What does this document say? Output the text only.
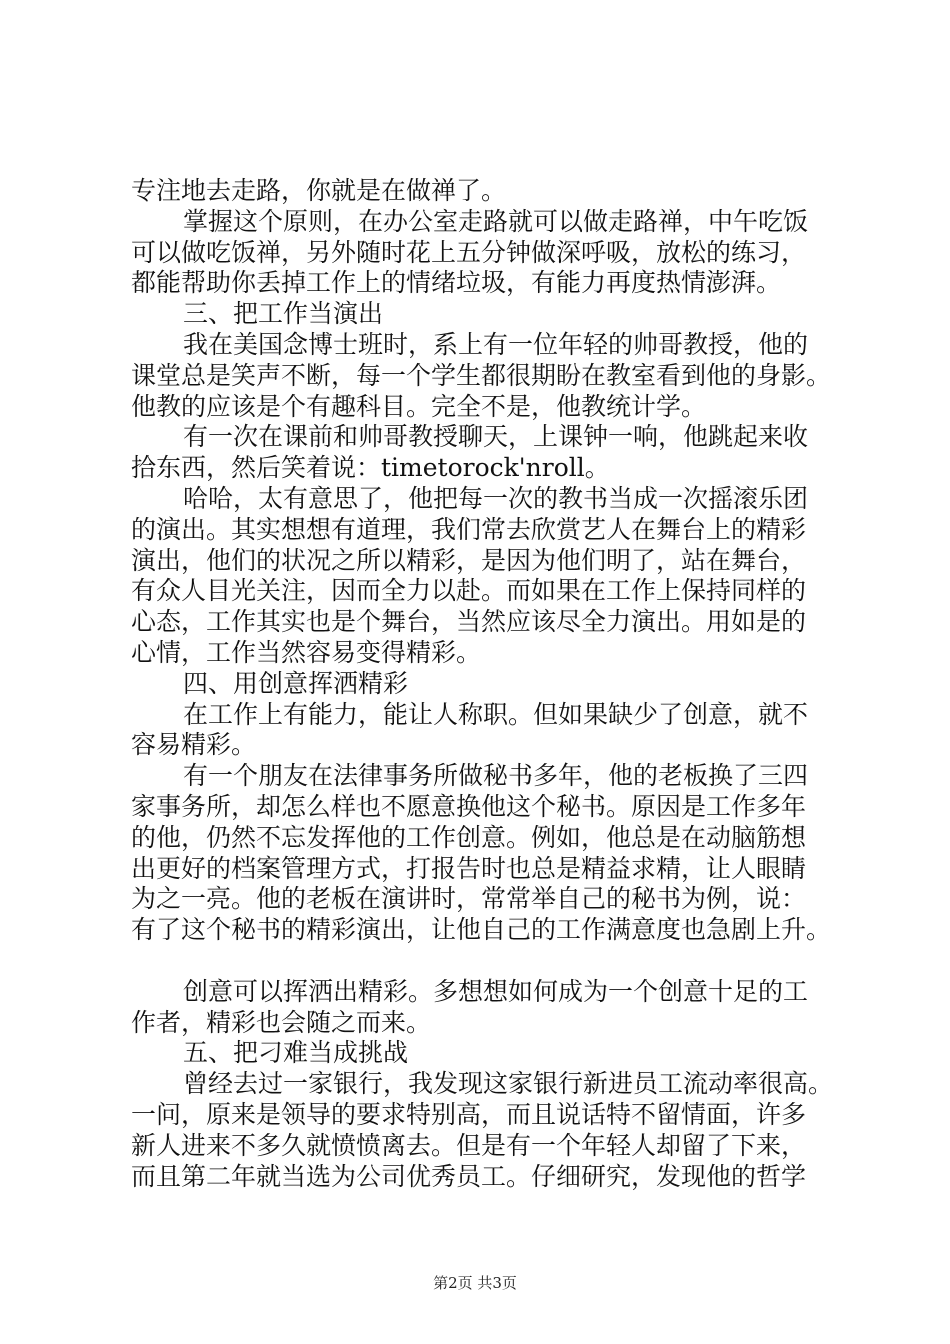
专注地去走路，你就是在做禅了。
掌握这个原则，在办公室走路就可以做走路禅，中午吃饭
可以做吃饭禅，另外随时花上五分钟做深呼吸，放松的练习，
都能帮助你丢掉工作上的情绪垃圾，有能力再度热情澎湃。
三、把工作当演出
我在美国念博士班时，系上有一位年轻的帅哥教授，他的
课堂总是笑声不断，每一个学生都很期盼在教室看到他的身影。
他教的应该是个有趣科目。完全不是，他教统计学。
有一次在课前和帅哥教授聊天，上课钟一响，他跳起来收
拾东西，然后笑着说：timetorock'nroll。
哈哈，太有意思了，他把每一次的教书当成一次摇滚乐团
的演出。其实想想有道理，我们常去欣赏艺人在舞台上的精彩
演出，他们的状况之所以精彩，是因为他们明了，站在舞台，
有众人目光关注，因而全力以赴。而如果在工作上保持同样的
心态，工作其实也是个舞台，当然应该尽全力演出。用如是的
心情，工作当然容易变得精彩。
四、用创意挥洒精彩
在工作上有能力，能让人称职。但如果缺少了创意，就不
容易精彩。
有一个朋友在法律事务所做秘书多年，他的老板换了三四
家事务所，却怎么样也不愿意换他这个秘书。原因是工作多年
的他，仍然不忘发挥他的工作创意。例如，他总是在动脑筋想
出更好的档案管理方式，打报告时也总是精益求精，让人眼睛
为之一亮。他的老板在演讲时，常常举自己的秘书为例，说：
有了这个秘书的精彩演出，让他自己的工作满意度也急剧上升。
创意可以挥洒出精彩。多想想如何成为一个创意十足的工
作者，精彩也会随之而来。
五、把刁难当成挑战
曾经去过一家银行，我发现这家银行新进员工流动率很高。
一问，原来是领导的要求特别高，而且说话特不留情面，许多
新人进来不多久就愤愤离去。但是有一个年轻人却留了下来，
而且第二年就当选为公司优秀员工。仔细研究，发现他的哲学
第2页 共3页
